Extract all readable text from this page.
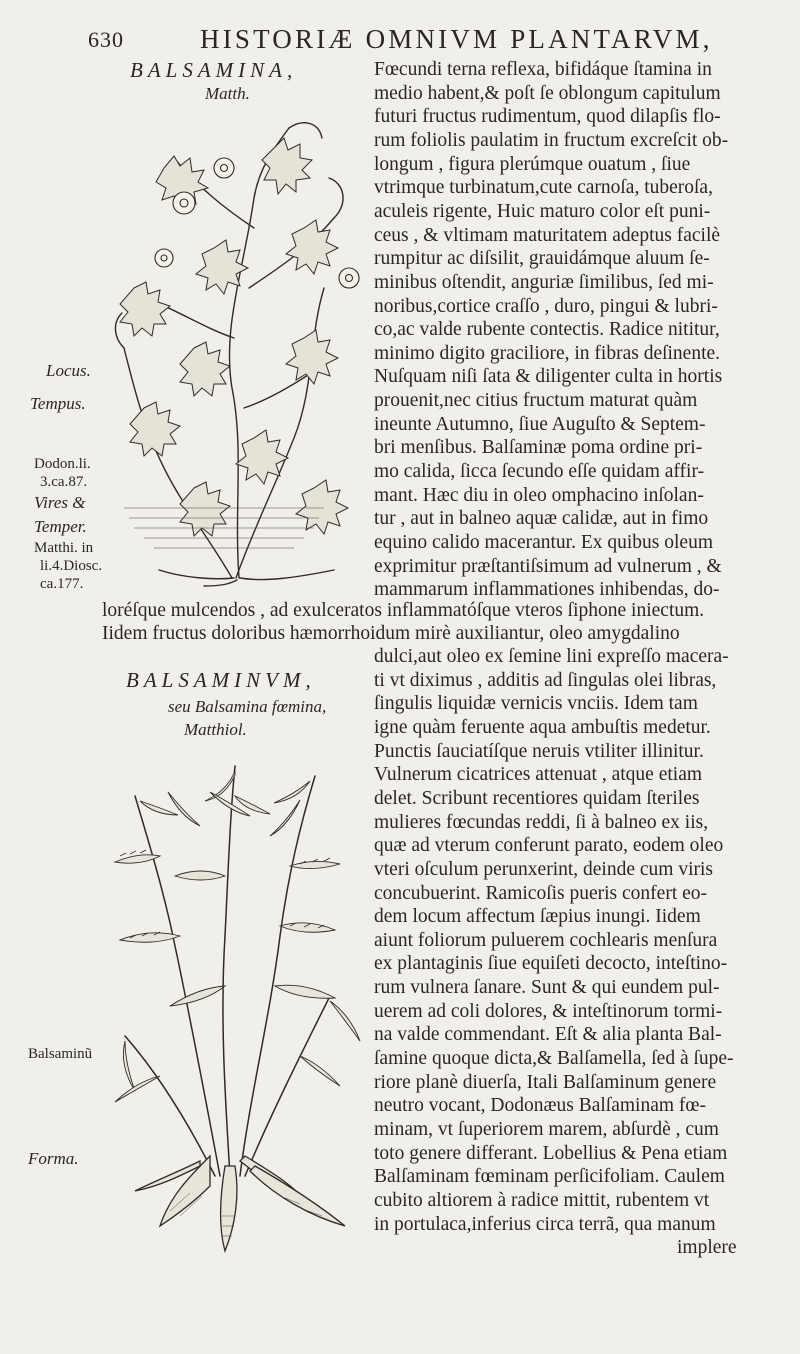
630	HISTORIÆ OMNIVM PLANTARVM,
BALSAMINA,
Matth.
Locus.
Tempus.
Dodon.li.
3.ca.87.
Vires &
Temper.
Matthi. in
li.4.Diosc.
ca.177.
Fœcundi terna reflexa, bifidáque ſtamina in
medio habent,& poſt ſe oblongum capitulum
futuri fructus rudimentum, quod dilapſis flo-
rum foliolis paulatim in fructum excreſcit ob-
longum , figura plerúmque ouatum , ſiue
vtrimque turbinatum,cute carnoſa, tuberoſa,
aculeis rigente, Huic maturo color eſt puni-
ceus , & vltimam maturitatem adeptus facilè
rumpitur ac diſsilit, grauidámque aluum ſe-
minibus oſtendit, anguriæ ſimilibus, ſed mi-
noribus,cortice craſſo , duro, pingui & lubri-
co,ac valde rubente contectis. Radice nititur,
minimo digito graciliore, in fibras deſinente.
Nuſquam niſi ſata & diligenter culta in hortis
prouenit,nec citius fructum maturat quàm
ineunte Autumno, ſiue Auguſto & Septem-
bri menſibus. Balſaminæ poma ordine pri-
mo calida, ſicca ſecundo eſſe quidam affir-
mant. Hæc diu in oleo omphacino inſolan-
tur , aut in balneo aquæ calidæ, aut in fimo
equino calido macerantur. Ex quibus oleum
exprimitur præſtantiſsimum ad vulnerum , &
mammarum inflammationes inhibendas, do-
loréſque mulcendos , ad exulceratos inflammatóſque vteros ſiphone iniectum.
Iidem fructus doloribus hæmorrhoidum mirè auxiliantur, oleo amygdalino
BALSAMINVM,
seu Balsamina fœmina,
Matthiol.
dulci,aut oleo ex ſemine lini expreſſo macera-
ti vt diximus , additis ad ſingulas olei libras,
ſingulis liquidæ vernicis vnciis. Idem tam
igne quàm feruente aqua ambuſtis medetur.
Punctis ſauciatíſque neruis vtiliter illinitur.
Vulnerum cicatrices attenuat , atque etiam
delet. Scribunt recentiores quidam ſteriles
mulieres fœcundas reddi, ſi à balneo ex iis,
quæ ad vterum conferunt parato, eodem oleo
vteri oſculum perunxerint, deinde cum viris
concubuerint. Ramicoſis pueris confert eo-
dem locum affectum ſæpius inungi. Iidem
aiunt foliorum puluerem cochlearis menſura
ex plantaginis ſiue equiſeti decocto, inteſtino-
rum vulnera ſanare. Sunt & qui eundem pul-
uerem ad coli dolores, & inteſtinorum tormi-
na valde commendant. Eſt & alia planta Bal-
ſamine quoque dicta,& Balſamella, ſed à ſupe-
riore planè diuerſa, Itali Balſaminum genere
neutro vocant, Dodonæus Balſaminam fœ-
minam, vt ſuperiorem marem, abſurdè , cum
toto genere differant. Lobellius & Pena etiam
Balſaminam fœminam perſicifoliam. Caulem
cubito altiorem à radice mittit, rubentem vt
in portulaca,inferius circa terrã, qua manum
Balsaminũ
Forma.
implere
